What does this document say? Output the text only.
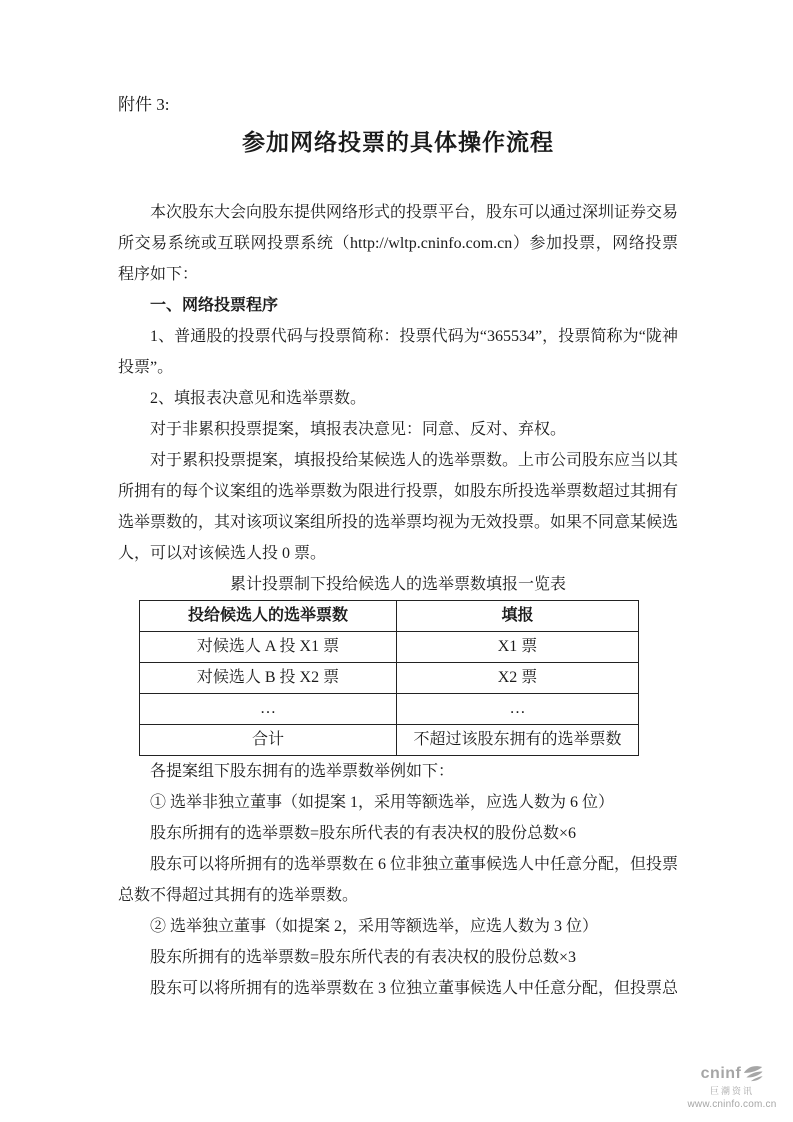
附件 3:
参加网络投票的具体操作流程

本次股东大会向股东提供网络形式的投票平台，股东可以通过深圳证券交易所交易系统或互联网投票系统（http://wltp.cninfo.com.cn）参加投票，网络投票程序如下：

一、网络投票程序

1、普通股的投票代码与投票简称：投票代码为“365534”，投票简称为“陇神投票”。

2、填报表决意见和选举票数。

对于非累积投票提案，填报表决意见：同意、反对、弃权。

对于累积投票提案，填报投给某候选人的选举票数。上市公司股东应当以其所拥有的每个议案组的选举票数为限进行投票，如股东所投选举票数超过其拥有选举票数的，其对该项议案组所投的选举票均视为无效投票。如果不同意某候选人，可以对该候选人投 0 票。

累计投票制下投给候选人的选举票数填报一览表

投给候选人的选举票数	填报
对候选人 A 投 X1 票	X1 票
对候选人 B 投 X2 票	X2 票
…	…
合计	不超过该股东拥有的选举票数

各提案组下股东拥有的选举票数举例如下：

① 选举非独立董事（如提案 1，采用等额选举，应选人数为 6 位）

股东所拥有的选举票数=股东所代表的有表决权的股份总数×6

股东可以将所拥有的选举票数在 6 位非独立董事候选人中任意分配，但投票总数不得超过其拥有的选举票数。

② 选举独立董事（如提案 2，采用等额选举，应选人数为 3 位）

股东所拥有的选举票数=股东所代表的有表决权的股份总数×3

股东可以将所拥有的选举票数在 3 位独立董事候选人中任意分配，但投票总

cninf
巨潮资讯
www.cninfo.com.cn
